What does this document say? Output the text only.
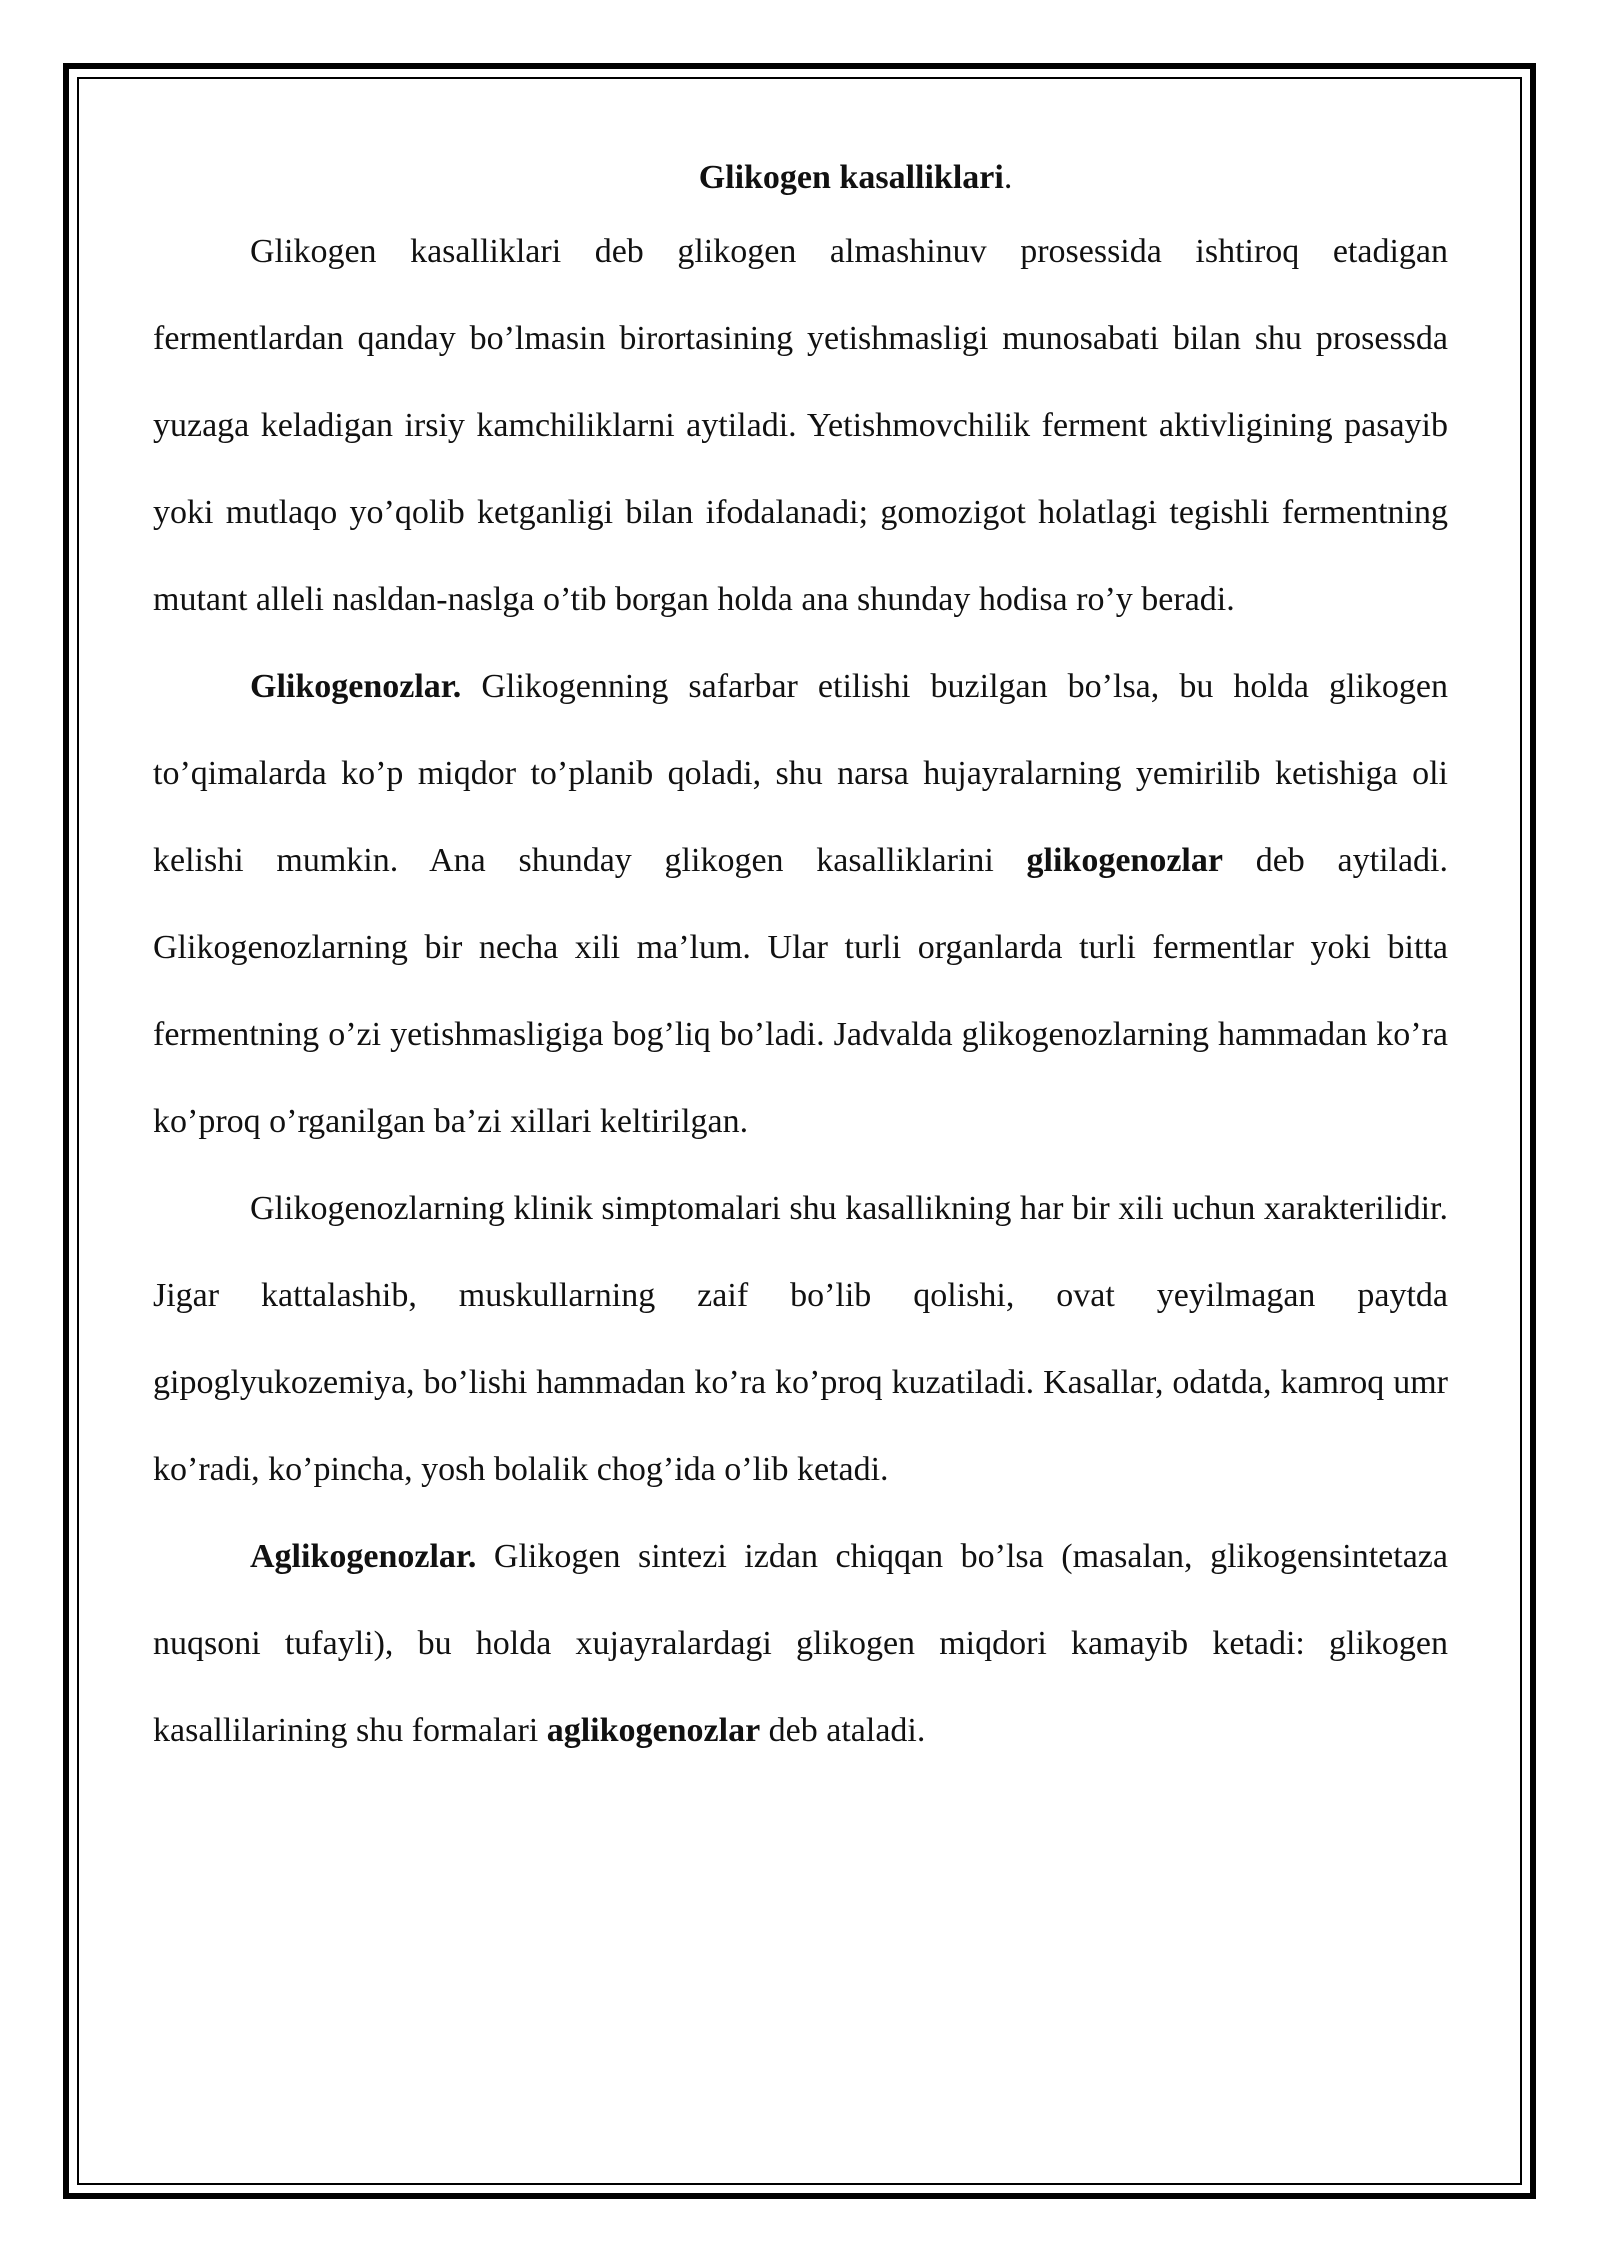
Glikogen kasalliklari.

Glikogen kasalliklari deb glikogen almashinuv prosessida ishtiroq etadigan fermentlardan qanday bo’lmasin birortasining yetishmasligi munosabati bilan shu prosessda yuzaga keladigan irsiy kamchiliklarni aytiladi. Yetishmovchilik ferment aktivligining pasayib yoki mutlaqo yo’qolib ketganligi bilan ifodalanadi; gomozigot holatlagi tegishli fermentning mutant alleli nasldan-naslga o’tib borgan holda ana shunday hodisa ro’y beradi.

Glikogenozlar. Glikogenning safarbar etilishi buzilgan bo’lsa, bu holda glikogen to’qimalarda ko’p miqdor to’planib qoladi, shu narsa hujayralarning yemirilib ketishiga oli kelishi mumkin. Ana shunday glikogen kasalliklarini glikogenozlar deb aytiladi. Glikogenozlarning bir necha xili ma’lum. Ular turli organlarda turli fermentlar yoki bitta fermentning o’zi yetishmasligiga bog’liq bo’ladi. Jadvalda glikogenozlarning hammadan ko’ra ko’proq o’rganilgan ba’zi xillari keltirilgan.

Glikogenozlarning klinik simptomalari shu kasallikning har bir xili uchun xarakterilidir. Jigar kattalashib, muskullarning zaif bo’lib qolishi, ovat yeyilmagan paytda gipoglyukozemiya, bo’lishi hammadan ko’ra ko’proq kuzatiladi. Kasallar, odatda, kamroq umr ko’radi, ko’pincha, yosh bolalik chog’ida o’lib ketadi.

Aglikogenozlar. Glikogen sintezi izdan chiqqan bo’lsa (masalan, glikogensintetaza nuqsoni tufayli), bu holda xujayralardagi glikogen miqdori kamayib ketadi: glikogen kasallilarining shu formalari aglikogenozlar deb ataladi.
